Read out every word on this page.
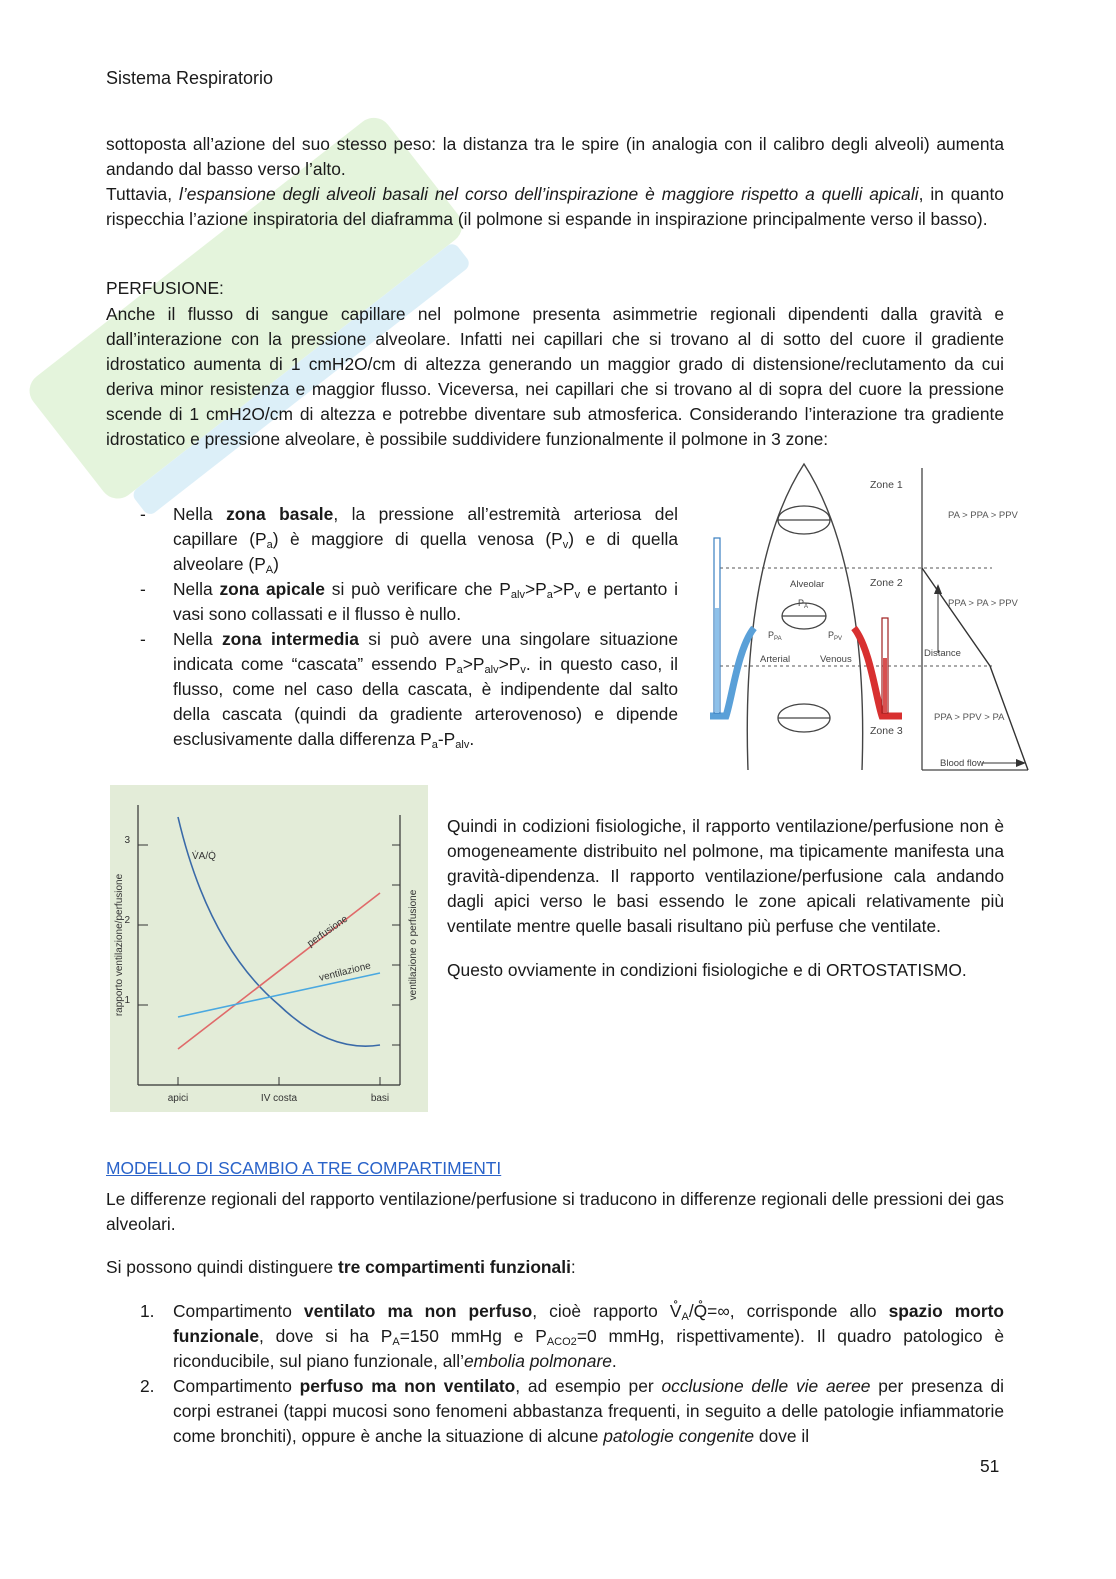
Sistema Respiratorio

sottoposta all’azione del suo stesso peso: la distanza tra le spire (in analogia con il calibro degli alveoli) aumenta andando dal basso verso l’alto.

Tuttavia, l’espansione degli alveoli basali nel corso dell’inspirazione è maggiore rispetto a quelli apicali, in quanto rispecchia l’azione inspiratoria del diaframma (il polmone si espande in inspirazione principalmente verso il basso).

PERFUSIONE:
Anche il flusso di sangue capillare nel polmone presenta asimmetrie regionali dipendenti dalla gravità e dall’interazione con la pressione alveolare. Infatti nei capillari che si trovano al di sotto del cuore il gradiente idrostatico aumenta di 1 cmH2O/cm di altezza generando un maggior grado di distensione/reclutamento da cui deriva minor resistenza e maggior flusso. Viceversa, nei capillari che si trovano al di sopra del cuore la pressione scende di 1 cmH2O/cm di altezza e potrebbe diventare sub atmosferica. Considerando l’interazione tra gradiente idrostatico e pressione alveolare, è possibile suddividere funzionalmente il polmone in 3 zone:
- Nella zona basale, la pressione all’estremità arteriosa del capillare $(P_a)$ è maggiore di quella venosa $(P_v)$ e di quella alveolare $(P_A)$
- Nella zona apicale si può verificare che $P_{alv}>P_a>P_v$ e pertanto i vasi sono collassati e il flusso è nullo.
- Nella zona intermedia si può avere una singolare situazione indicata come “cascata” essendo $P_a>P_{alv}>P_v$. in questo caso, il flusso, come nel caso della cascata, è indipendente dal salto della cascata (quindi da gradiente arterovenoso) e dipende esclusivamente dalla differenza $P_a-P_{alv}$.
Zone 1
Zone 2
Zone 3
Alveolar
$P_A$
$P_{PA}$	$P_{PV}$
Arterial	Venous
PA > PPA > PPV
PPA > PA > PPV
PPA > PPV > PA
Distance
Blood flow
1
2
3
apici	IV costa	basi
V̇A/Q̇
perfusione
ventilazione
rapporto ventilazione/perfusione	ventilazione o perfusione

Quindi in codizioni fisiologiche, il rapporto ventilazione/perfusione non è omogeneamente distribuito nel polmone, ma tipicamente manifesta una gravità-dipendenza. Il rapporto ventilazione/perfusione cala andando dagli apici verso le basi essendo le zone apicali relativamente più ventilate mentre quelle basali risultano più perfuse che ventilate.

Questo ovviamente in condizioni fisiologiche e di ORTOSTATISMO.

MODELLO DI SCAMBIO A TRE COMPARTIMENTI
Le differenze regionali del rapporto ventilazione/perfusione si traducono in differenze regionali delle pressioni dei gas alveolari.
Si possono quindi distinguere tre compartimenti funzionali:
1. Compartimento ventilato ma non perfuso, cioè rapporto $V̊_A/Q̊=\infty$, corrisponde allo spazio morto funzionale, dove si ha $P_A=150$ mmHg e $P_{ACO2}=0$ mmHg, rispettivamente). Il quadro patologico è riconducibile, sul piano funzionale, all’embolia polmonare.
2. Compartimento perfuso ma non ventilato, ad esempio per occlusione delle vie aeree per presenza di corpi estranei (tappi mucosi sono fenomeni abbastanza frequenti, in seguito a delle patologie infiammatorie come bronchiti), oppure è anche la situazione di alcune patologie congenite dove il
51
